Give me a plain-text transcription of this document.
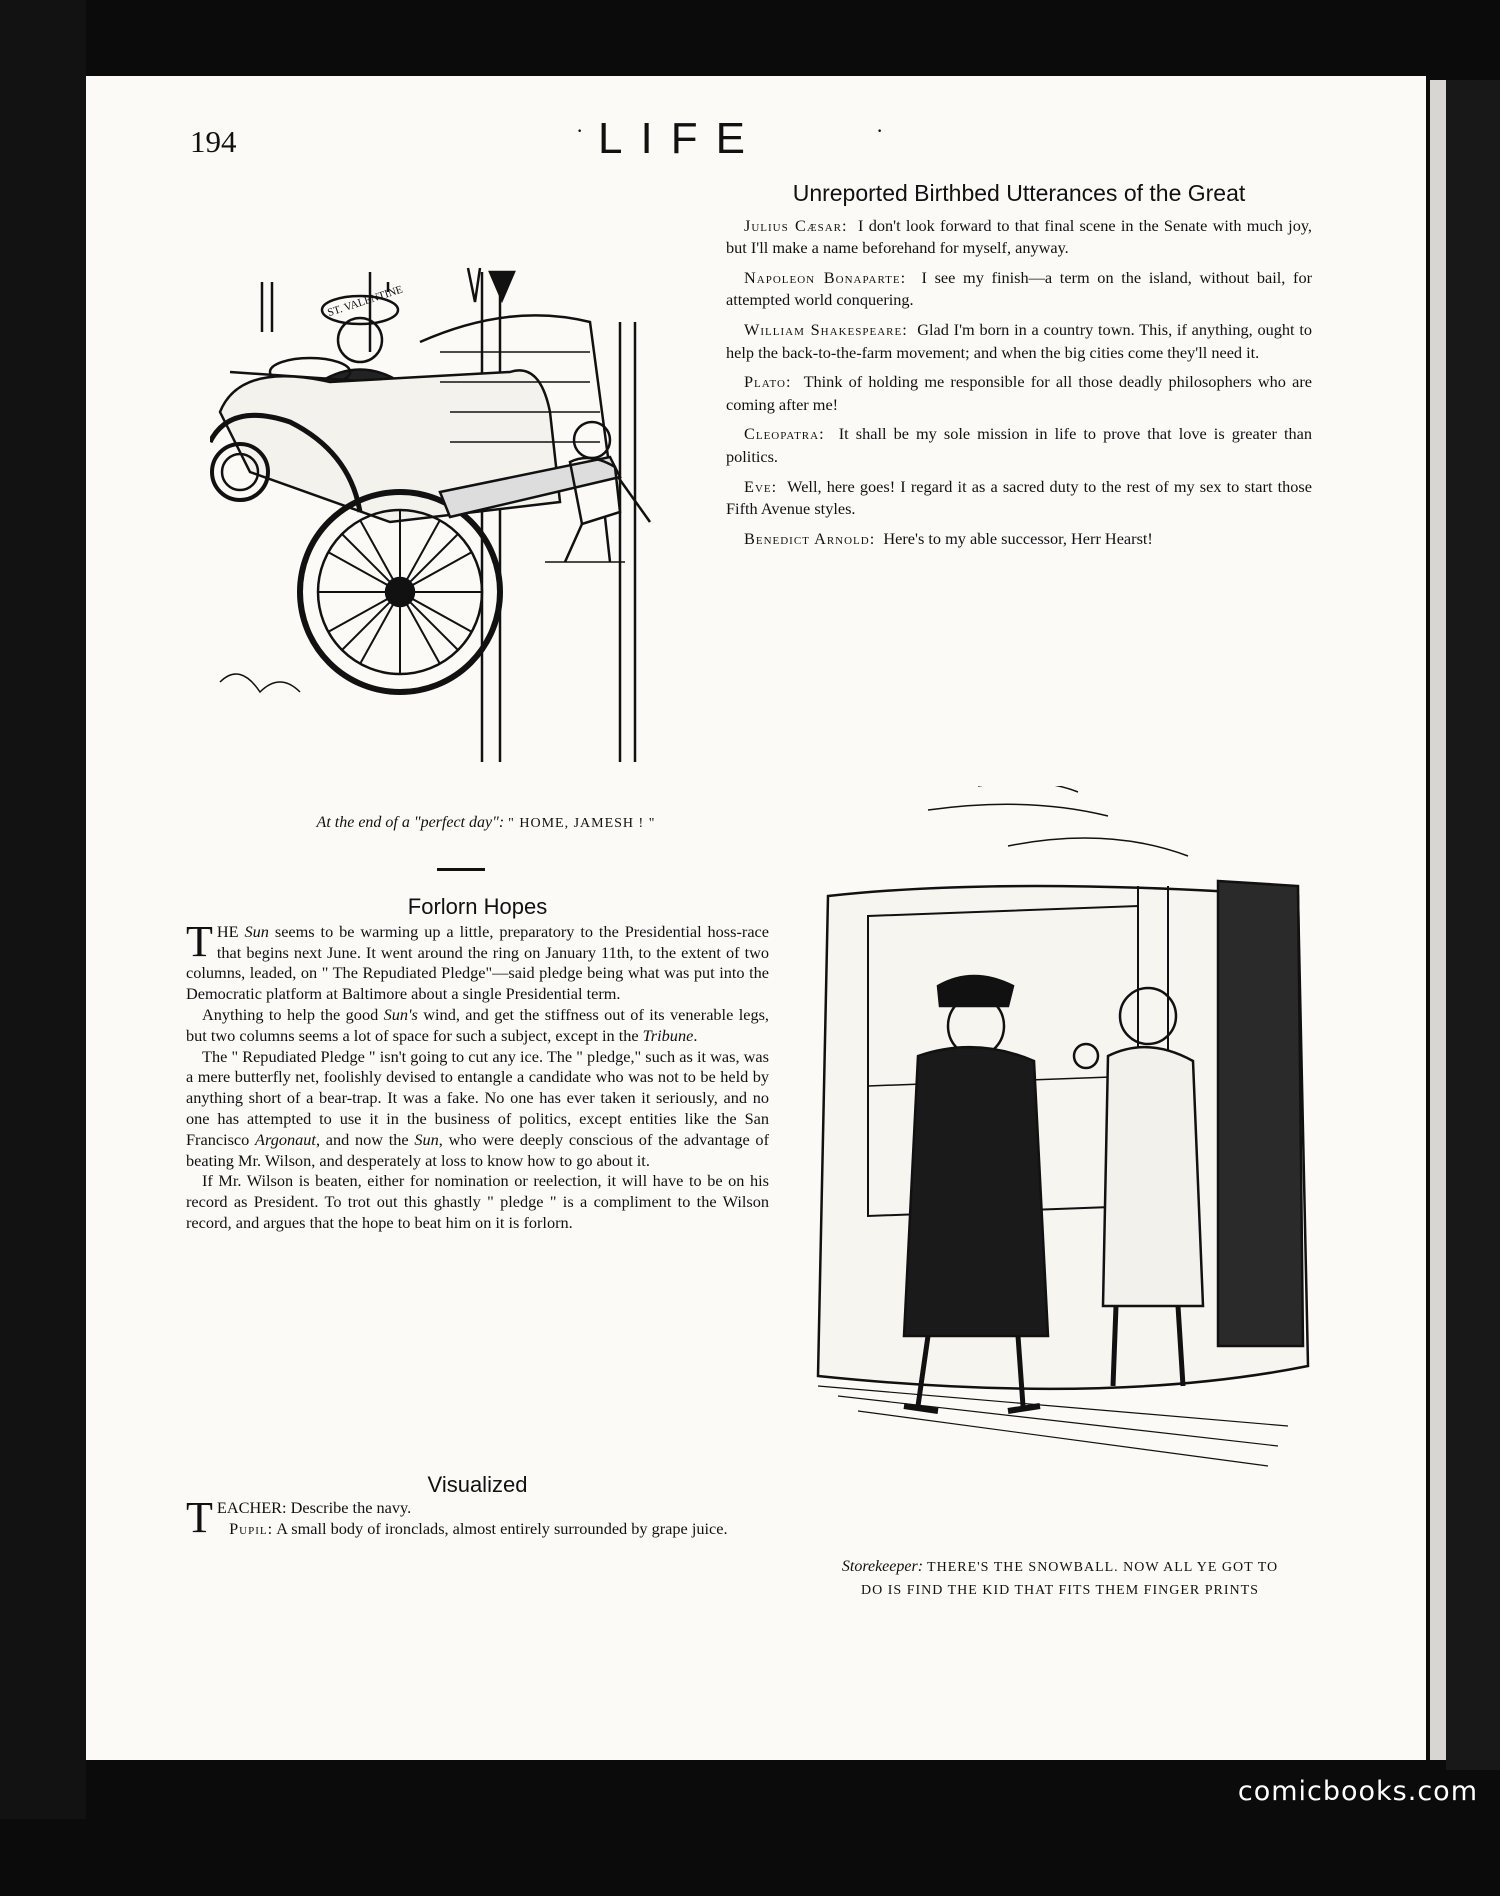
194	· LIFE	·
ST. VALENTINE
At the end of a "perfect day": " HOME, JAMESH ! "
Unreported Birthbed Utterances of the Great

Julius Cæsar: I don't look forward to that final scene in the Senate with much joy, but I'll make a name beforehand for myself, anyway.

Napoleon Bonaparte: I see my finish—a term on the island, without bail, for attempted world conquering.

William Shakespeare: Glad I'm born in a country town. This, if anything, ought to help the back-to-the-farm movement; and when the big cities come they'll need it.

Plato: Think of holding me responsible for all those deadly philosophers who are coming after me!

Cleopatra: It shall be my sole mission in life to prove that love is greater than politics.

Eve: Well, here goes! I regard it as a sacred duty to the rest of my sex to start those Fifth Avenue styles.

Benedict Arnold: Here's to my able successor, Herr Hearst!

Forlorn Hopes

THE Sun seems to be warming up a little, preparatory to the Presidential hoss-race that begins next June. It went around the ring on January 11th, to the extent of two columns, leaded, on " The Repudiated Pledge"—said pledge being what was put into the Democratic platform at Baltimore about a single Presidential term.

Anything to help the good Sun's wind, and get the stiffness out of its venerable legs, but two columns seems a lot of space for such a subject, except in the Tribune.

The " Repudiated Pledge " isn't going to cut any ice. The " pledge," such as it was, was a mere butterfly net, foolishly devised to entangle a candidate who was not to be held by anything short of a bear-trap. It was a fake. No one has ever taken it seriously, and no one has attempted to use it in the business of politics, except entities like the San Francisco Argonaut, and now the Sun, who were deeply conscious of the advantage of beating Mr. Wilson, and desperately at loss to know how to go about it.

If Mr. Wilson is beaten, either for nomination or reelection, it will have to be on his record as President. To trot out this ghastly " pledge " is a compliment to the Wilson record, and argues that the hope to beat him on it is forlorn.

Visualized

TEACHER: Describe the navy.
Pupil: A small body of ironclads, almost entirely surrounded by grape juice.

Storekeeper: THERE'S THE SNOWBALL. NOW ALL YE GOT TO
DO IS FIND THE KID THAT FITS THEM FINGER PRINTS
comicbooks.com
